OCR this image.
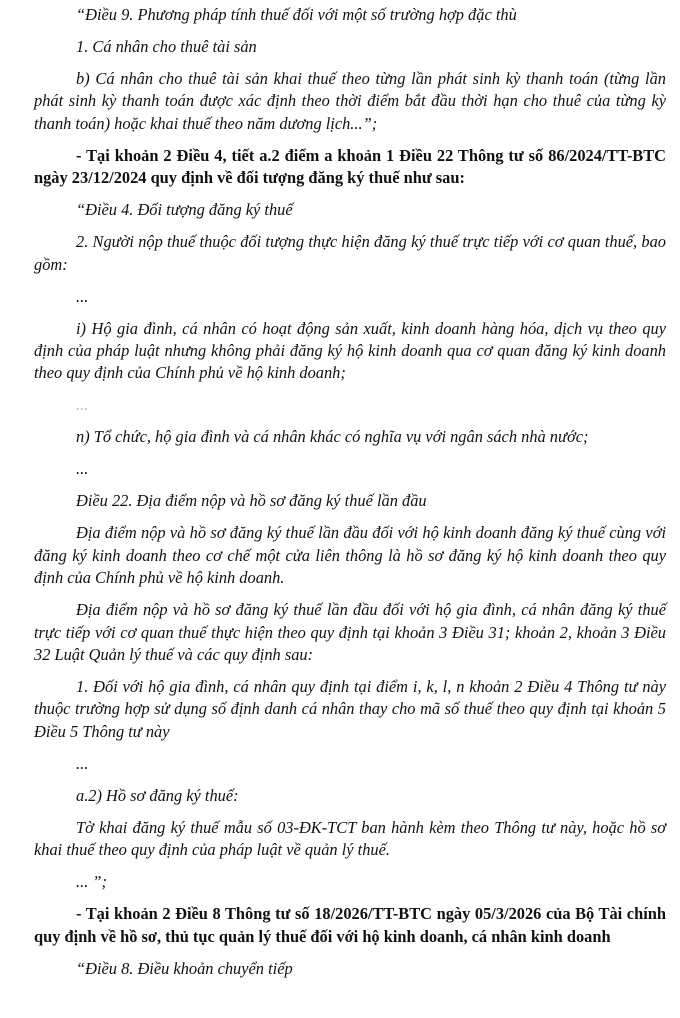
“Điều 9. Phương pháp tính thuế đối với một số trường hợp đặc thù

1. Cá nhân cho thuê tài sản

b) Cá nhân cho thuê tài sản khai thuế theo từng lần phát sinh kỳ thanh toán (từng lần phát sinh kỳ thanh toán được xác định theo thời điểm bắt đầu thời hạn cho thuê của từng kỳ thanh toán) hoặc khai thuế theo năm dương lịch...”;

- Tại khoản 2 Điều 4, tiết a.2 điểm a khoản 1 Điều 22 Thông tư số 86/2024/TT-BTC ngày 23/12/2024 quy định về đối tượng đăng ký thuế như sau:

“Điều 4. Đối tượng đăng ký thuế

2. Người nộp thuế thuộc đối tượng thực hiện đăng ký thuế trực tiếp với cơ quan thuế, bao gồm:

...

i) Hộ gia đình, cá nhân có hoạt động sản xuất, kinh doanh hàng hóa, dịch vụ theo quy định của pháp luật nhưng không phải đăng ký hộ kinh doanh qua cơ quan đăng ký kinh doanh theo quy định của Chính phủ về hộ kinh doanh;

...

n) Tổ chức, hộ gia đình và cá nhân khác có nghĩa vụ với ngân sách nhà nước;

...

Điều 22. Địa điểm nộp và hồ sơ đăng ký thuế lần đầu

Địa điểm nộp và hồ sơ đăng ký thuế lần đầu đối với hộ kinh doanh đăng ký thuế cùng với đăng ký kinh doanh theo cơ chế một cửa liên thông là hồ sơ đăng ký hộ kinh doanh theo quy định của Chính phủ về hộ kinh doanh.

Địa điểm nộp và hồ sơ đăng ký thuế lần đầu đối với hộ gia đình, cá nhân đăng ký thuế trực tiếp với cơ quan thuế thực hiện theo quy định tại khoản 3 Điều 31; khoản 2, khoản 3 Điều 32 Luật Quản lý thuế và các quy định sau:

1. Đối với hộ gia đình, cá nhân quy định tại điểm i, k, l, n khoản 2 Điều 4 Thông tư này thuộc trường hợp sử dụng số định danh cá nhân thay cho mã số thuế theo quy định tại khoản 5 Điều 5 Thông tư này

...

a.2) Hồ sơ đăng ký thuế:

Tờ khai đăng ký thuế mẫu số 03-ĐK-TCT ban hành kèm theo Thông tư này, hoặc hồ sơ khai thuế theo quy định của pháp luật về quản lý thuế.

... ”;

- Tại khoản 2 Điều 8 Thông tư số 18/2026/TT-BTC ngày 05/3/2026 của Bộ Tài chính quy định về hồ sơ, thủ tục quản lý thuế đối với hộ kinh doanh, cá nhân kinh doanh

“Điều 8. Điều khoản chuyển tiếp
